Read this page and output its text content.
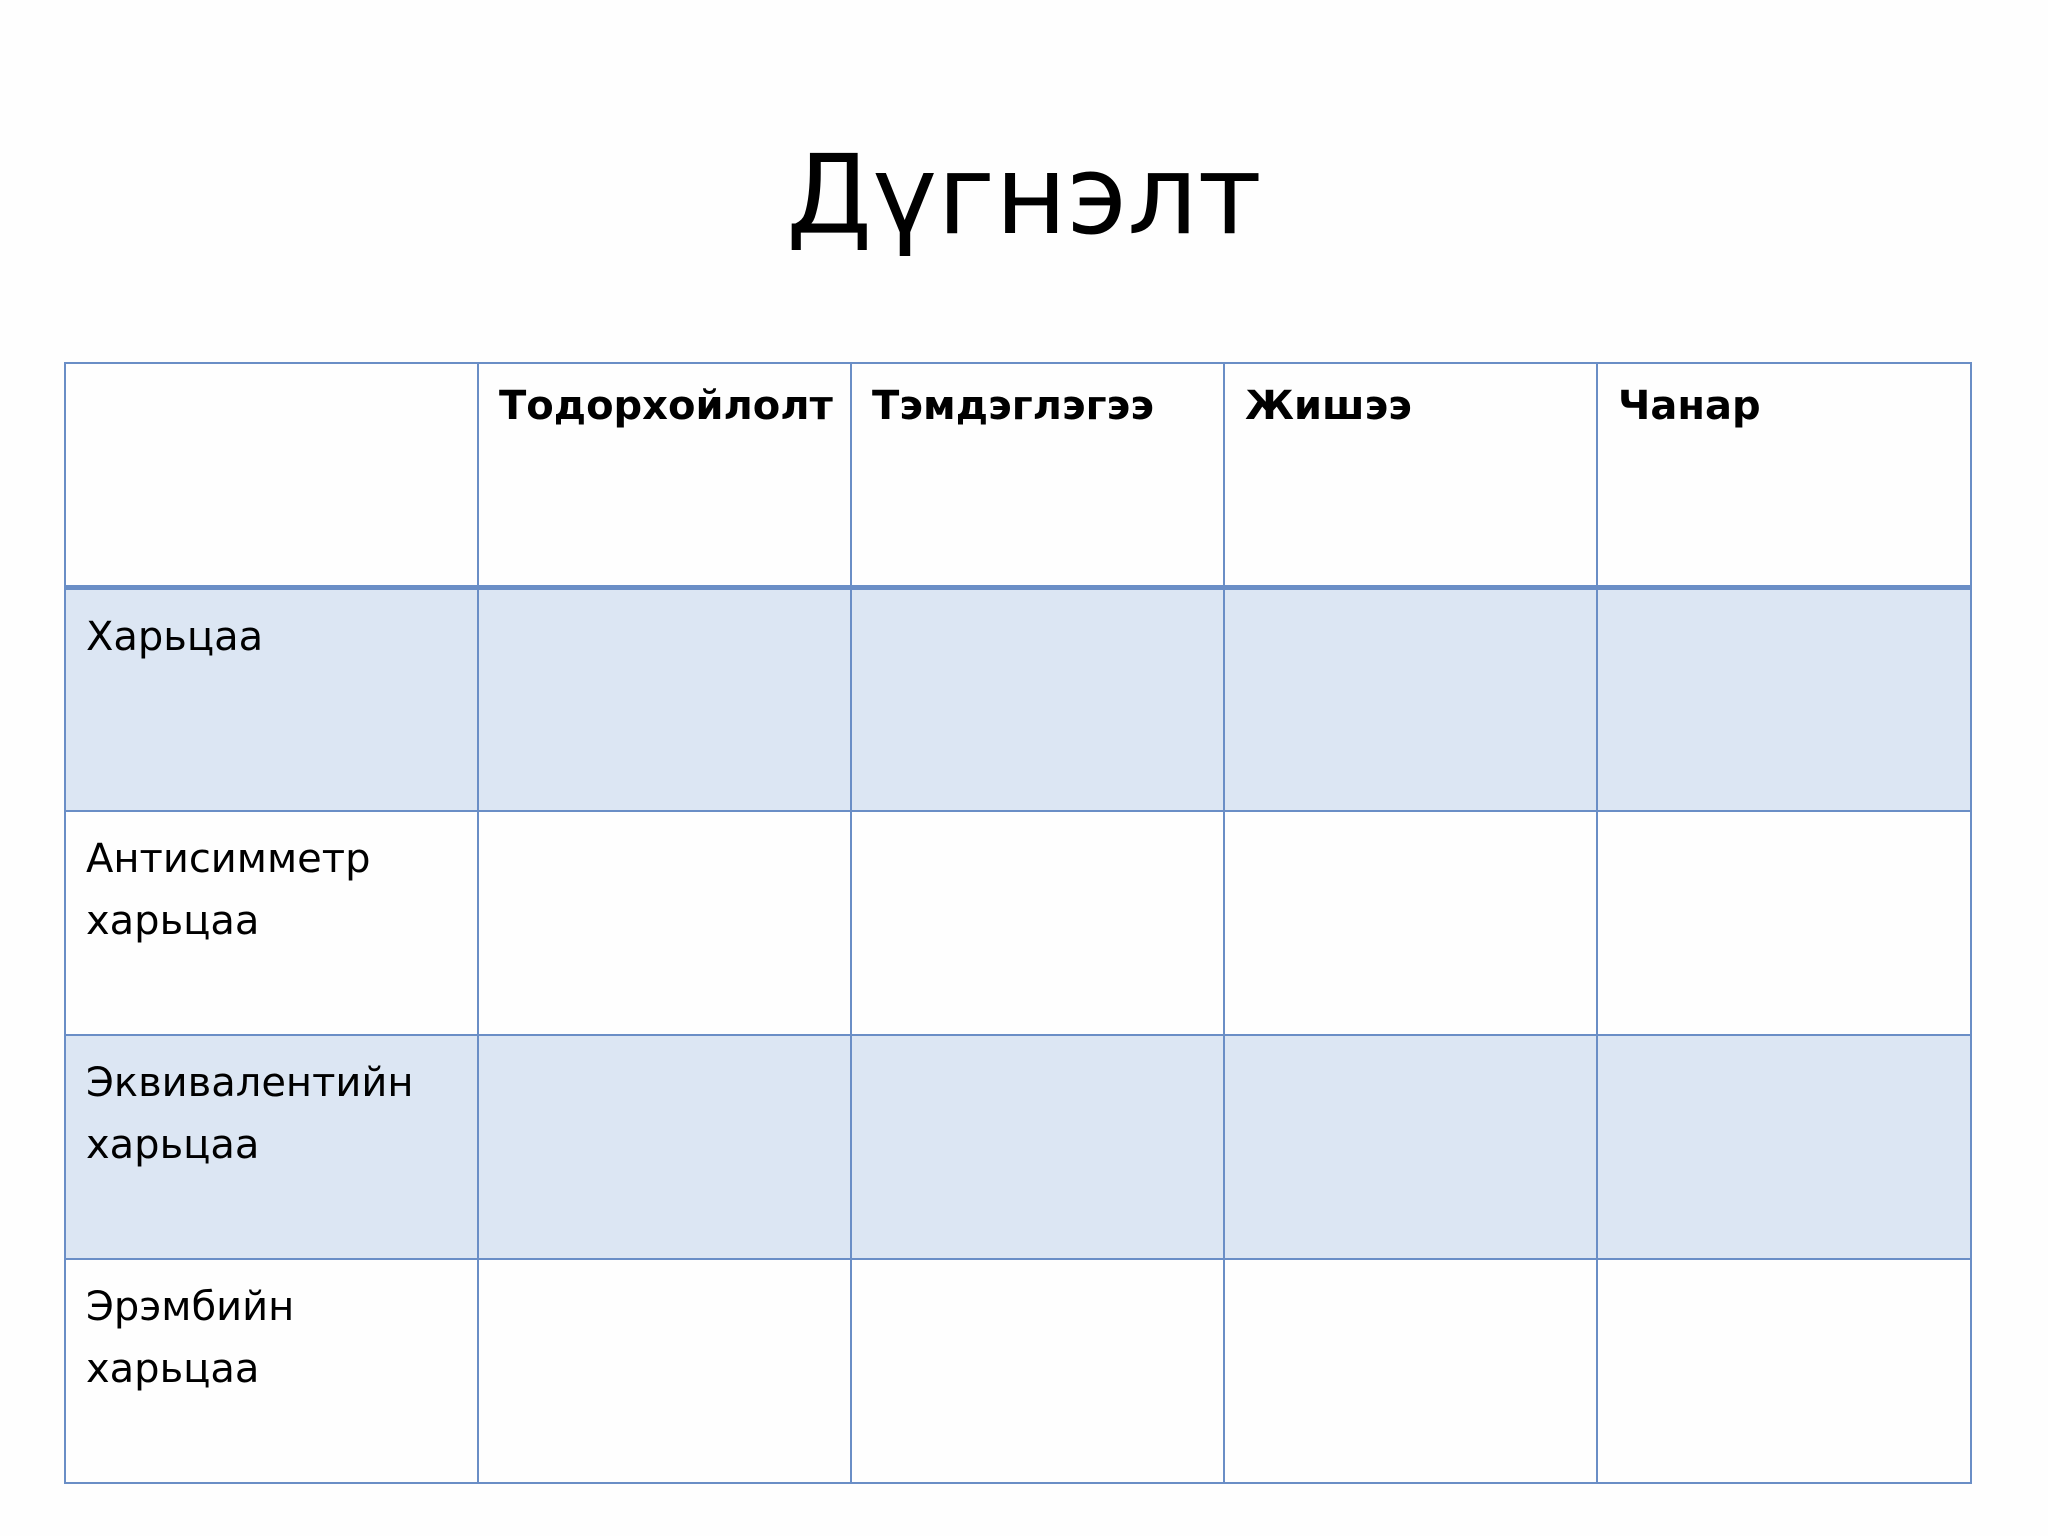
Дүгнэлт
	Тодорхойлолт	Тэмдэглэгээ	Жишээ	Чанар

Харьцаа				

Антисимметр
харьцаа				

Эквивалентийн
харьцаа				

Эрэмбийн
харьцаа				
